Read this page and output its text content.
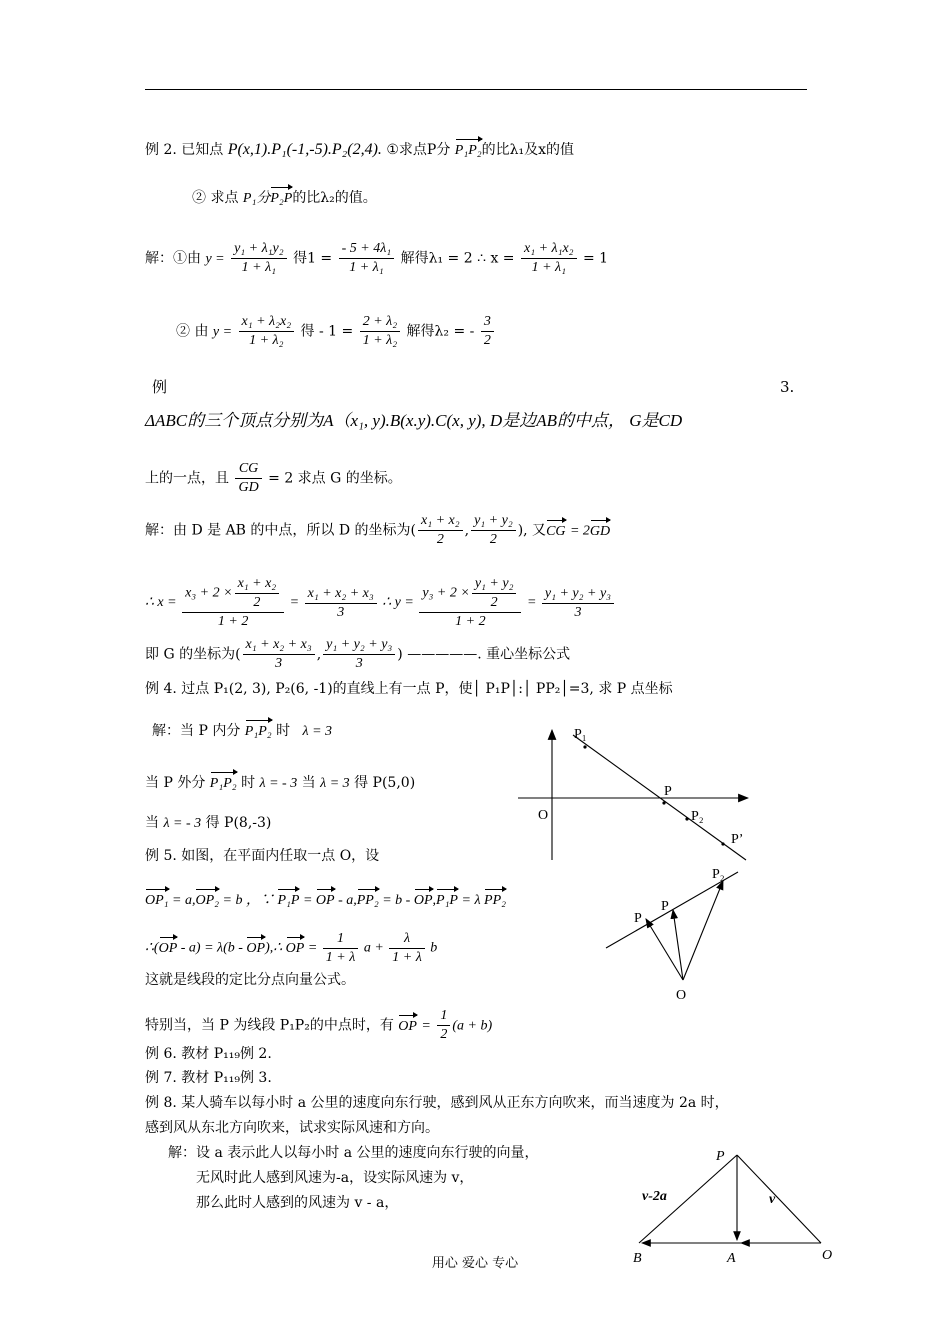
例 2. 已知点 P(x,1).P₁(-1,-5).P₂(2,4). ①求点P分 P₁P₂的比λ₁及x的值
② 求点 P₁分P₂P的比λ₂的值。
解：①由 $y = \frac{\text{y₁ + λ₁y₂}}{\text{1 + λ₁}}$ 得$1 = \frac{\text{- 5 + 4λ₁}}{\text{1 + λ₁}}$ 解得λ₁ = 2 ∴ $x = \frac{\text{x₁ + λ₁x₂}}{\text{1 + λ₁}} = 1$
② 由 $y = \frac{\text{x₁ + λ₂x₂}}{\text{1 + λ₂}}$ 得 - $1 = \frac{\text{2 + λ₂}}{\text{1 + λ₂}}$ 解得λ₂ = - $\frac{3}{2}$
例	3.
ΔABC的三个顶点分别为A（x₁, y).B(x.y).C(x, y), D是边AB的中点， G是CD
上的一点，且 $\frac{CG}{GD} = 2$ 求点 G 的坐标。
解：由 D 是 AB 的中点，所以 D 的坐标为( $\frac{\text{x₁ + x₂}}{2}$ , $\frac{\text{y₁ + y₂}}{2}$ ), 又CG = 2GD
∴ $x = \frac{x_3 + 2 \times \frac{\text{x₁ + x₂}}{2}}{1 + 2} = \frac{\text{x₁ + x₂ + x₃}}{3}$ ∴ $y = \frac{y_3 + 2 \times \frac{\text{y₁ + y₂}}{2}}{1 + 2} = \frac{\text{y₁ + y₂ + y₃}}{3}$
即 G 的坐标为( $\frac{\text{x₁ + x₂ + x₃}}{3}$ , $\frac{\text{y₁ + y₂ + y₃}}{3}$ ) —————. 重心坐标公式
例 4. 过点 P₁(2, 3), P₂(6, -1)的直线上有一点 P，使│ P₁P│:│ PP₂│=3, 求 P 点坐标
解：当 P 内分 P₁P₂ 时 λ = 3
当 P 外分 P₁P₂ 时 λ = - 3 当 λ = 3 得 P(5,0)
当 λ = - 3 得 P(8,-3)
P₁
P
P₂
P’
O
例 5. 如图，在平面内任取一点 O，设
OP₁ = a,OP₂ = b ，∵ P₁P = OP - a,PP₂ = b - OP,P₁P = λ PP₂
∴(OP - a) = λ(b - OP),∴ OP = $\frac{1}{1 + \lambda}$ $a + \frac{\lambda}{1 + \lambda}$ b
这就是线段的定比分点向量公式。
特别当，当 P 为线段 P₁P₂的中点时，有 OP = $\frac{1}{2} (a + b)$
P₂
P
P
O
例 6. 教材 P₁₁₉例 2.
例 7. 教材 P₁₁₉例 3.
例 8. 某人骑车以每小时 a 公里的速度向东行驶，感到风从正东方向吹来，而当速度为 2a 时，
感到风从东北方向吹来，试求实际风速和方向。
解：设 a 表示此人以每小时 a 公里的速度向东行驶的向量，
无风时此人感到风速为-a，设实际风速为 v，
那么此时人感到的风速为 v - a，
P
v-2a	v
B	A	O
用心 爱心 专心
